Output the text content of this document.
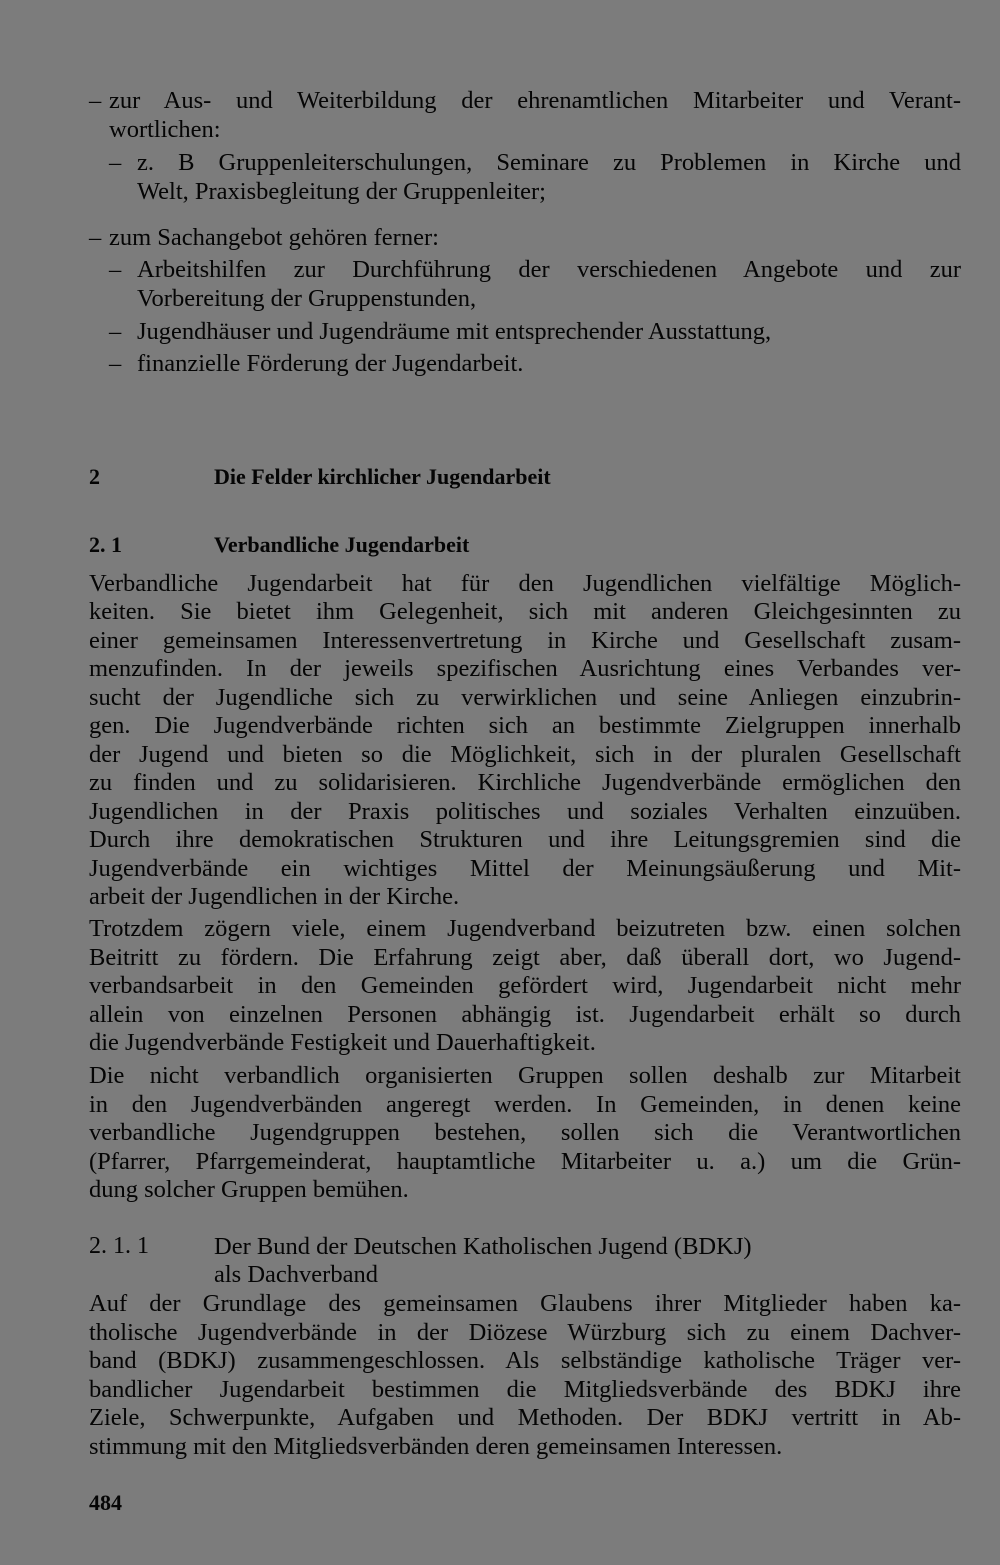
– zur Aus- und Weiterbildung der ehrenamtlichen Mitarbeiter und Verant-
wortlichen:
– z. B Gruppenleiterschulungen, Seminare zu Problemen in Kirche und
Welt, Praxisbegleitung der Gruppenleiter;
– zum Sachangebot gehören ferner:
– Arbeitshilfen zur Durchführung der verschiedenen Angebote und zur
Vorbereitung der Gruppenstunden,
– Jugendhäuser und Jugendräume mit entsprechender Ausstattung,
– finanzielle Förderung der Jugendarbeit.
2	Die Felder kirchlicher Jugendarbeit
2. 1	Verbandliche Jugendarbeit
Verbandliche Jugendarbeit hat für den Jugendlichen vielfältige Möglich-
keiten. Sie bietet ihm Gelegenheit, sich mit anderen Gleichgesinnten zu
einer gemeinsamen Interessenvertretung in Kirche und Gesellschaft zusam-
menzufinden. In der jeweils spezifischen Ausrichtung eines Verbandes ver-
sucht der Jugendliche sich zu verwirklichen und seine Anliegen einzubrin-
gen. Die Jugendverbände richten sich an bestimmte Zielgruppen innerhalb
der Jugend und bieten so die Möglichkeit, sich in der pluralen Gesellschaft
zu finden und zu solidarisieren. Kirchliche Jugendverbände ermöglichen den
Jugendlichen in der Praxis politisches und soziales Verhalten einzuüben.
Durch ihre demokratischen Strukturen und ihre Leitungsgremien sind die
Jugendverbände ein wichtiges Mittel der Meinungsäußerung und Mit-
arbeit der Jugendlichen in der Kirche.
Trotzdem zögern viele, einem Jugendverband beizutreten bzw. einen solchen
Beitritt zu fördern. Die Erfahrung zeigt aber, daß überall dort, wo Jugend-
verbandsarbeit in den Gemeinden gefördert wird, Jugendarbeit nicht mehr
allein von einzelnen Personen abhängig ist. Jugendarbeit erhält so durch
die Jugendverbände Festigkeit und Dauerhaftigkeit.
Die nicht verbandlich organisierten Gruppen sollen deshalb zur Mitarbeit
in den Jugendverbänden angeregt werden. In Gemeinden, in denen keine
verbandliche Jugendgruppen bestehen, sollen sich die Verantwortlichen
(Pfarrer, Pfarrgemeinderat, hauptamtliche Mitarbeiter u. a.) um die Grün-
dung solcher Gruppen bemühen.
2. 1. 1	Der Bund der Deutschen Katholischen Jugend (BDKJ)
als Dachverband
Auf der Grundlage des gemeinsamen Glaubens ihrer Mitglieder haben ka-
tholische Jugendverbände in der Diözese Würzburg sich zu einem Dachver-
band (BDKJ) zusammengeschlossen. Als selbständige katholische Träger ver-
bandlicher Jugendarbeit bestimmen die Mitgliedsverbände des BDKJ ihre
Ziele, Schwerpunkte, Aufgaben und Methoden. Der BDKJ vertritt in Ab-
stimmung mit den Mitgliedsverbänden deren gemeinsamen Interessen.
484
